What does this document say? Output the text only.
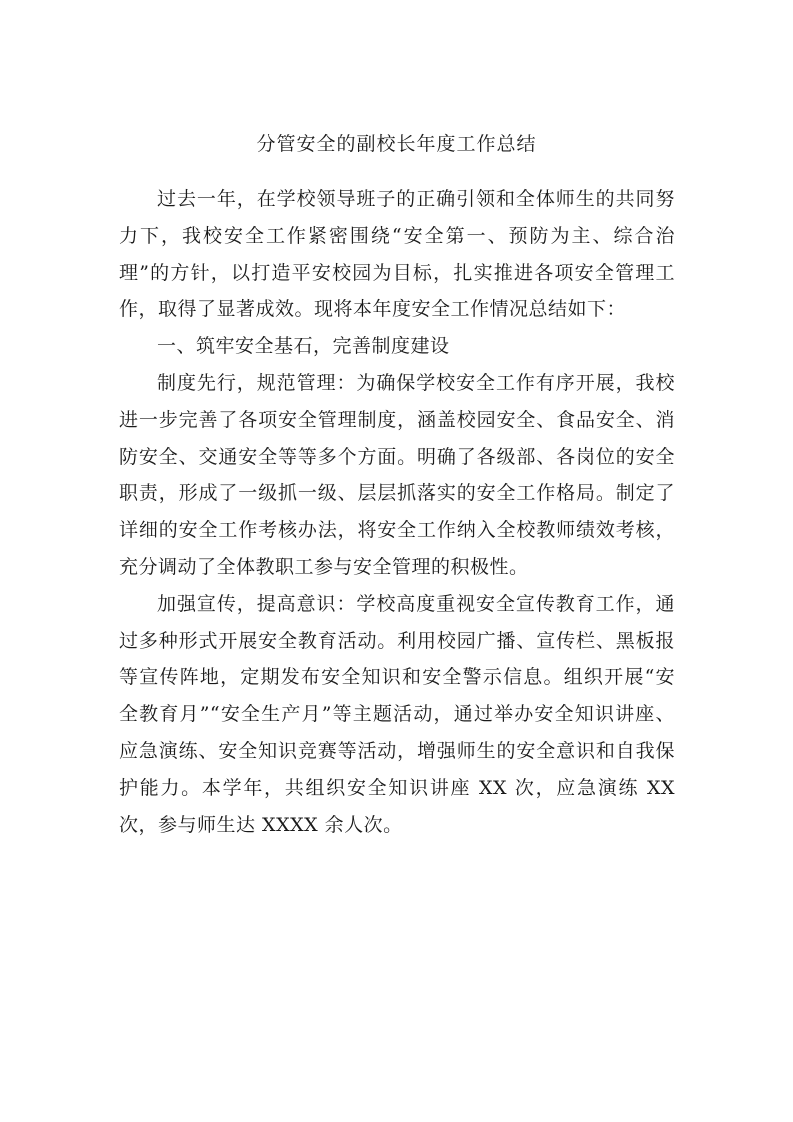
分管安全的副校长年度工作总结

过去一年，在学校领导班子的正确引领和全体师生的共同努力下，我校安全工作紧密围绕“安全第一、预防为主、综合治理”的方针，以打造平安校园为目标，扎实推进各项安全管理工作，取得了显著成效。现将本年度安全工作情况总结如下：

一、筑牢安全基石，完善制度建设

制度先行，规范管理：为确保学校安全工作有序开展，我校进一步完善了各项安全管理制度，涵盖校园安全、食品安全、消防安全、交通安全等等多个方面。明确了各级部、各岗位的安全职责，形成了一级抓一级、层层抓落实的安全工作格局。制定了详细的安全工作考核办法，将安全工作纳入全校教师绩效考核，充分调动了全体教职工参与安全管理的积极性。

加强宣传，提高意识：学校高度重视安全宣传教育工作，通过多种形式开展安全教育活动。利用校园广播、宣传栏、黑板报等宣传阵地，定期发布安全知识和安全警示信息。组织开展“安全教育月”“安全生产月”等主题活动，通过举办安全知识讲座、应急演练、安全知识竞赛等活动，增强师生的安全意识和自我保护能力。本学年，共组织安全知识讲座 XX 次，应急演练 XX 次，参与师生达 XXXX 余人次。
